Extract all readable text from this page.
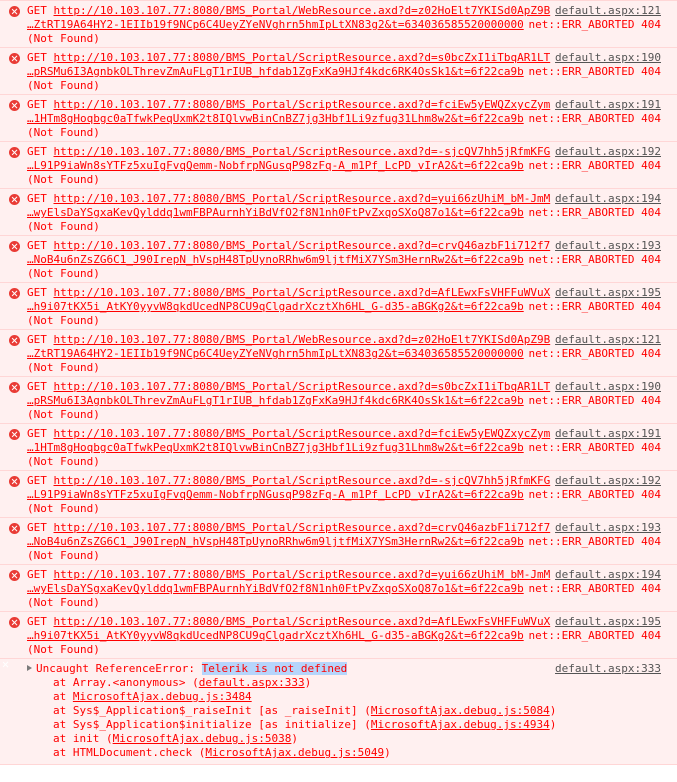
GET http://10.103.107.77:8080/BMS_Portal/WebResource.axd?d=z02HoElt7YKISd0ApZ9B default.aspx:121
…ZtRT19A64HY2-1EIIb19f9NCp6C4UeyZYeNVghrn5hmIpLtXN83g2&t=634036585520000000 net::ERR_ABORTED 404
(Not Found)
GET http://10.103.107.77:8080/BMS_Portal/ScriptResource.axd?d=s0bcZxI1iTbqAR1LT default.aspx:190
…pRSMu6I3AgnbkOLThrevZmAuFLgT1rIUB_hfdab1ZgFxKa9HJf4kdc6RK4OsSk1&t=6f22ca9b net::ERR_ABORTED 404
(Not Found)
GET http://10.103.107.77:8080/BMS_Portal/ScriptResource.axd?d=fciEw5yEWQZxycZym default.aspx:191
…1HTm8gHoqbgc0aTfwkPeqUxmK2t8IQlvwBinCnBZ7jg3Hbf1Li9zfug31Lhm8w2&t=6f22ca9b net::ERR_ABORTED 404
(Not Found)
GET http://10.103.107.77:8080/BMS_Portal/ScriptResource.axd?d=-sjcQV7hh5jRfmKFG default.aspx:192
…L91P9iaWn8sYTFz5xuIgFvqQemm-NobfrpNGusqP98zFq-A_m1Pf_LcPD_vIrA2&t=6f22ca9b net::ERR_ABORTED 404
(Not Found)
GET http://10.103.107.77:8080/BMS_Portal/ScriptResource.axd?d=yui66zUhiM_bM-JmM default.aspx:194
…wyElsDaYSgxaKevQylddq1wmFBPAurnhYiBdVfO2f8N1nh0FtPvZxqoSXoQ87o1&t=6f22ca9b net::ERR_ABORTED 404
(Not Found)
GET http://10.103.107.77:8080/BMS_Portal/ScriptResource.axd?d=crvQ46azbF1i712f7 default.aspx:193
…NoB4u6nZsZG6C1_J90IrepN_hVspH48TpUynoRRhw6m9ljtfMiX7YSm3HernRw2&t=6f22ca9b net::ERR_ABORTED 404
(Not Found)
GET http://10.103.107.77:8080/BMS_Portal/ScriptResource.axd?d=AfLEwxFsVHFFuWVuX default.aspx:195
…h9i07tKX5i_AtKY0yyvW8qkdUcedNP8CU9qClgadrXcztXh6HL_G-d35-aBGKg2&t=6f22ca9b net::ERR_ABORTED 404
(Not Found)
GET http://10.103.107.77:8080/BMS_Portal/WebResource.axd?d=z02HoElt7YKISd0ApZ9B default.aspx:121
…ZtRT19A64HY2-1EIIb19f9NCp6C4UeyZYeNVghrn5hmIpLtXN83g2&t=634036585520000000 net::ERR_ABORTED 404
(Not Found)
GET http://10.103.107.77:8080/BMS_Portal/ScriptResource.axd?d=s0bcZxI1iTbqAR1LT default.aspx:190
…pRSMu6I3AgnbkOLThrevZmAuFLgT1rIUB_hfdab1ZgFxKa9HJf4kdc6RK4OsSk1&t=6f22ca9b net::ERR_ABORTED 404
(Not Found)
GET http://10.103.107.77:8080/BMS_Portal/ScriptResource.axd?d=fciEw5yEWQZxycZym default.aspx:191
…1HTm8gHoqbgc0aTfwkPeqUxmK2t8IQlvwBinCnBZ7jg3Hbf1Li9zfug31Lhm8w2&t=6f22ca9b net::ERR_ABORTED 404
(Not Found)
GET http://10.103.107.77:8080/BMS_Portal/ScriptResource.axd?d=-sjcQV7hh5jRfmKFG default.aspx:192
…L91P9iaWn8sYTFz5xuIgFvqQemm-NobfrpNGusqP98zFq-A_m1Pf_LcPD_vIrA2&t=6f22ca9b net::ERR_ABORTED 404
(Not Found)
GET http://10.103.107.77:8080/BMS_Portal/ScriptResource.axd?d=crvQ46azbF1i712f7 default.aspx:193
…NoB4u6nZsZG6C1_J90IrepN_hVspH48TpUynoRRhw6m9ljtfMiX7YSm3HernRw2&t=6f22ca9b net::ERR_ABORTED 404
(Not Found)
GET http://10.103.107.77:8080/BMS_Portal/ScriptResource.axd?d=yui66zUhiM_bM-JmM default.aspx:194
…wyElsDaYSgxaKevQylddq1wmFBPAurnhYiBdVfO2f8N1nh0FtPvZxqoSXoQ87o1&t=6f22ca9b net::ERR_ABORTED 404
(Not Found)
GET http://10.103.107.77:8080/BMS_Portal/ScriptResource.axd?d=AfLEwxFsVHFFuWVuX default.aspx:195
…h9i07tKX5i_AtKY0yyvW8qkdUcedNP8CU9qClgadrXcztXh6HL_G-d35-aBGKg2&t=6f22ca9b net::ERR_ABORTED 404
(Not Found)
Uncaught ReferenceError: Telerik is not defined	default.aspx:333
at Array.<anonymous> (default.aspx:333)
at MicrosoftAjax.debug.js:3484
at Sys$_Application$_raiseInit [as _raiseInit] (MicrosoftAjax.debug.js:5084)
at Sys$_Application$initialize [as initialize] (MicrosoftAjax.debug.js:4934)
at init (MicrosoftAjax.debug.js:5038)
at HTMLDocument.check (MicrosoftAjax.debug.js:5049)
